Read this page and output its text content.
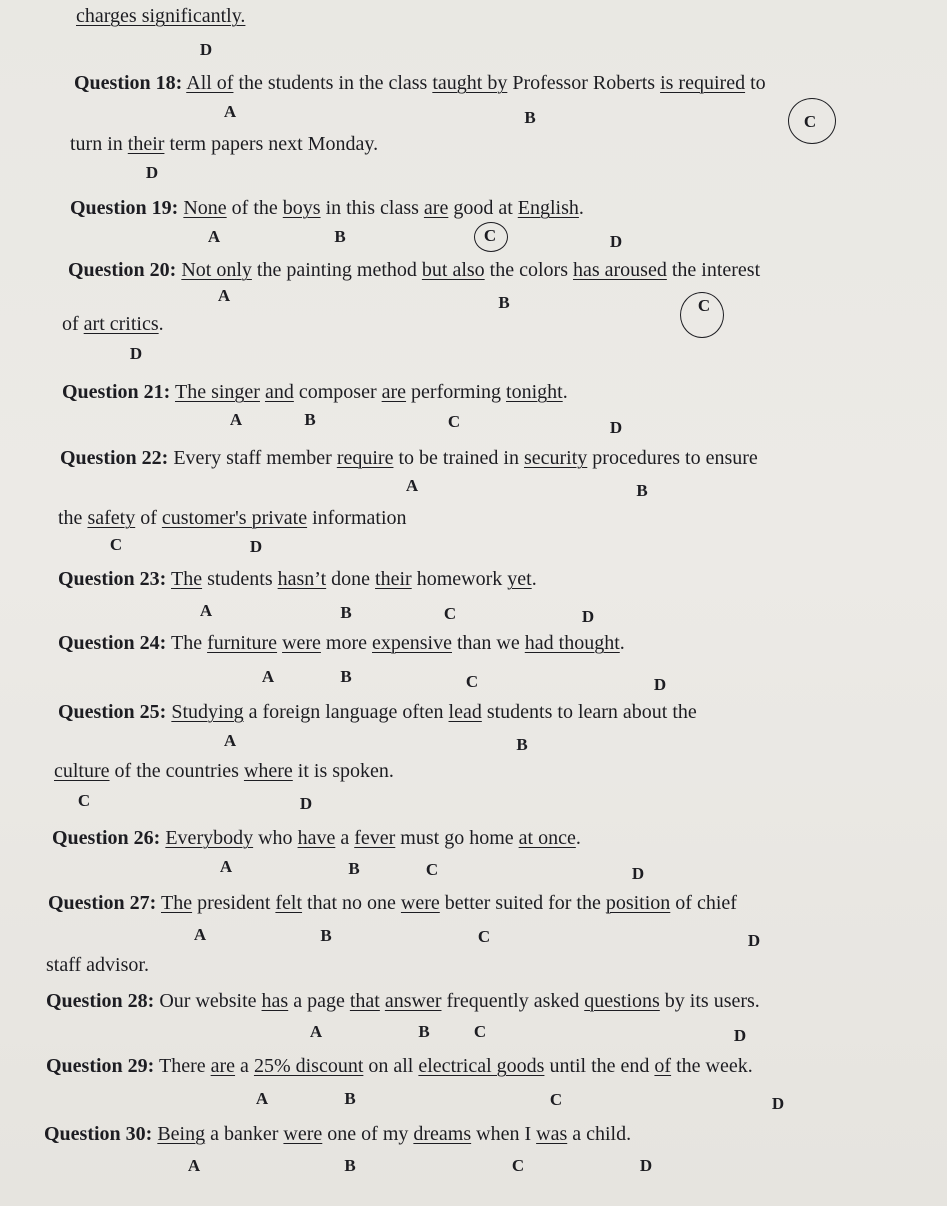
charges significantly.
D
Question 18: All of the students in the class taught by Professor Roberts is required to
A	B	C
turn in their term papers next Monday.
D
Question 19: None of the boys in this class are good at English.
A	B	C	D
Question 20: Not only the painting method but also the colors has aroused the interest
A	B	C
of art critics.
D
Question 21: The singer and composer are performing tonight.
A	B	C	D
Question 22: Every staff member require to be trained in security procedures to ensure
A	B
the safety of customer's private information
C	D
Question 23: The students hasn’t done their homework yet.
A	B	C	D
Question 24: The furniture were more expensive than we had thought.
A	B	C	D
Question 25: Studying a foreign language often lead students to learn about the
A	B
culture of the countries where it is spoken.
C	D
Question 26: Everybody who have a fever must go home at once.
A	B	C	D
Question 27: The president felt that no one were better suited for the position of chief
A	B	C	D
staff advisor.
Question 28: Our website has a page that answer frequently asked questions by its users.
A	B	C	D
Question 29: There are a 25% discount on all electrical goods until the end of the week.
A	B	C	D
Question 30: Being a banker were one of my dreams when I was a child.
A	B	C	D
